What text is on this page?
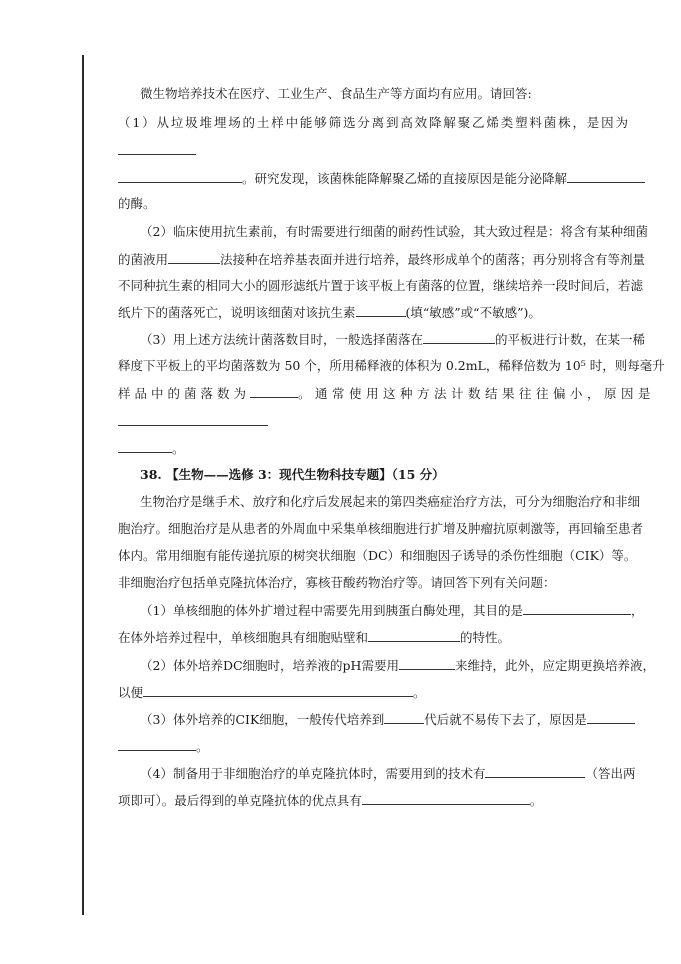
微生物培养技术在医疗、工业生产、食品生产等方面均有应用。请回答:
（1）从垃圾堆埋场的土样中能够筛选分离到高效降解聚乙烯类塑料菌株，是因为
。研究发现，该菌株能降解聚乙烯的直接原因是能分泌降解
的酶。
（2）临床使用抗生素前，有时需要进行细菌的耐药性试验，其大致过程是：将含有某种细菌
的菌液用	法接种在培养基表面并进行培养，最终形成单个的菌落；再分别将含有等剂量
不同种抗生素的相同大小的圆形滤纸片置于该平板上有菌落的位置，继续培养一段时间后，若滤
纸片下的菌落死亡，说明该细菌对该抗生素	(填“敏感”或“不敏感”)。
（3）用上述方法统计菌落数目时，一般选择菌落在	的平板进行计数，在某一稀
释度下平板上的平均菌落数为 50 个，所用稀释液的体积为 0.2mL，稀释倍数为 10⁵ 时，则每毫升
样品中的菌落数为	。通常使用这种方法计数结果往往偏小，原因是
。
38. 【生物——选修 3：现代生物科技专题】（15 分）
生物治疗是继手术、放疗和化疗后发展起来的第四类癌症治疗方法，可分为细胞治疗和非细
胞治疗。细胞治疗是从患者的外周血中采集单核细胞进行扩增及肿瘤抗原刺激等，再回输至患者
体内。常用细胞有能传递抗原的树突状细胞（DC）和细胞因子诱导的杀伤性细胞（CIK）等。
非细胞治疗包括单克隆抗体治疗，寡核苷酸药物治疗等。请回答下列有关问题：
（1）单核细胞的体外扩增过程中需要先用到胰蛋白酶处理，其目的是	，
在体外培养过程中，单核细胞具有细胞贴壁和	的特性。
（2）体外培养DC细胞时，培养液的pH需要用	来维持，此外，应定期更换培养液，
以便	。
（3）体外培养的CIK细胞，一般传代培养到	代后就不易传下去了，原因是
。
（4）制备用于非细胞治疗的单克隆抗体时，需要用到的技术有	（答出两
项即可）。最后得到的单克隆抗体的优点具有	。
